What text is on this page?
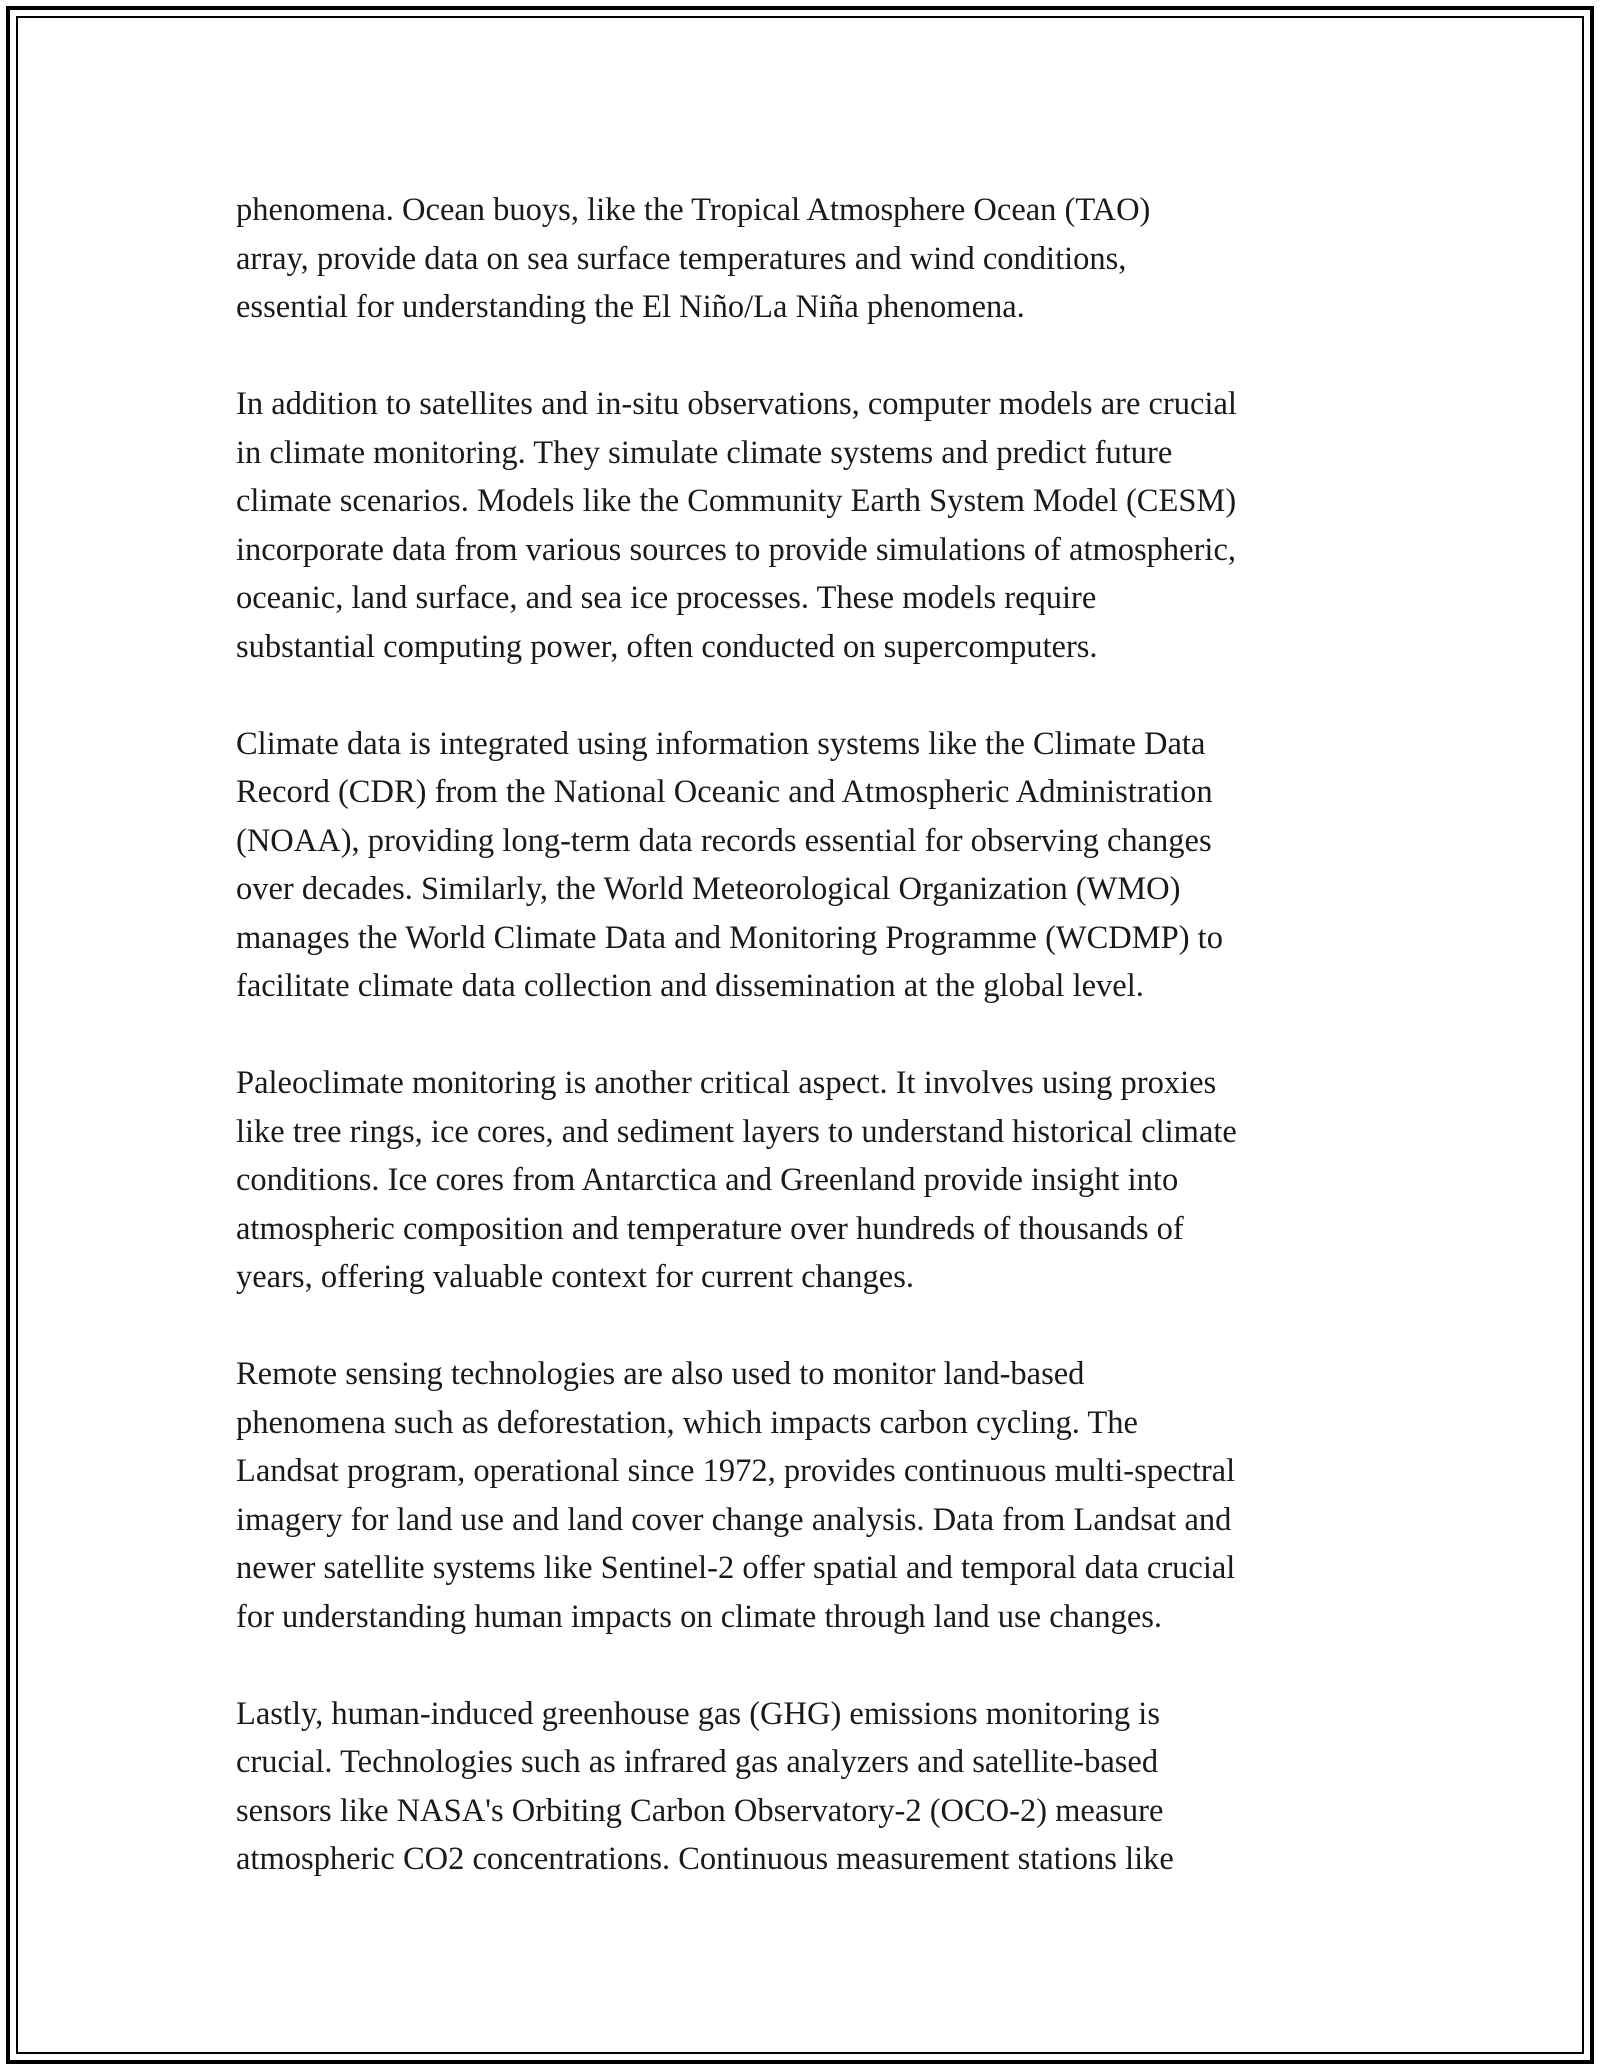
phenomena. Ocean buoys, like the Tropical Atmosphere Ocean (TAO)
array, provide data on sea surface temperatures and wind conditions,
essential for understanding the El Niño/La Niña phenomena.

In addition to satellites and in-situ observations, computer models are crucial
in climate monitoring. They simulate climate systems and predict future
climate scenarios. Models like the Community Earth System Model (CESM)
incorporate data from various sources to provide simulations of atmospheric,
oceanic, land surface, and sea ice processes. These models require
substantial computing power, often conducted on supercomputers.

Climate data is integrated using information systems like the Climate Data
Record (CDR) from the National Oceanic and Atmospheric Administration
(NOAA), providing long-term data records essential for observing changes
over decades. Similarly, the World Meteorological Organization (WMO)
manages the World Climate Data and Monitoring Programme (WCDMP) to
facilitate climate data collection and dissemination at the global level.

Paleoclimate monitoring is another critical aspect. It involves using proxies
like tree rings, ice cores, and sediment layers to understand historical climate
conditions. Ice cores from Antarctica and Greenland provide insight into
atmospheric composition and temperature over hundreds of thousands of
years, offering valuable context for current changes.

Remote sensing technologies are also used to monitor land-based
phenomena such as deforestation, which impacts carbon cycling. The
Landsat program, operational since 1972, provides continuous multi-spectral
imagery for land use and land cover change analysis. Data from Landsat and
newer satellite systems like Sentinel-2 offer spatial and temporal data crucial
for understanding human impacts on climate through land use changes.

Lastly, human-induced greenhouse gas (GHG) emissions monitoring is
crucial. Technologies such as infrared gas analyzers and satellite-based
sensors like NASA's Orbiting Carbon Observatory-2 (OCO-2) measure
atmospheric CO2 concentrations. Continuous measurement stations like
